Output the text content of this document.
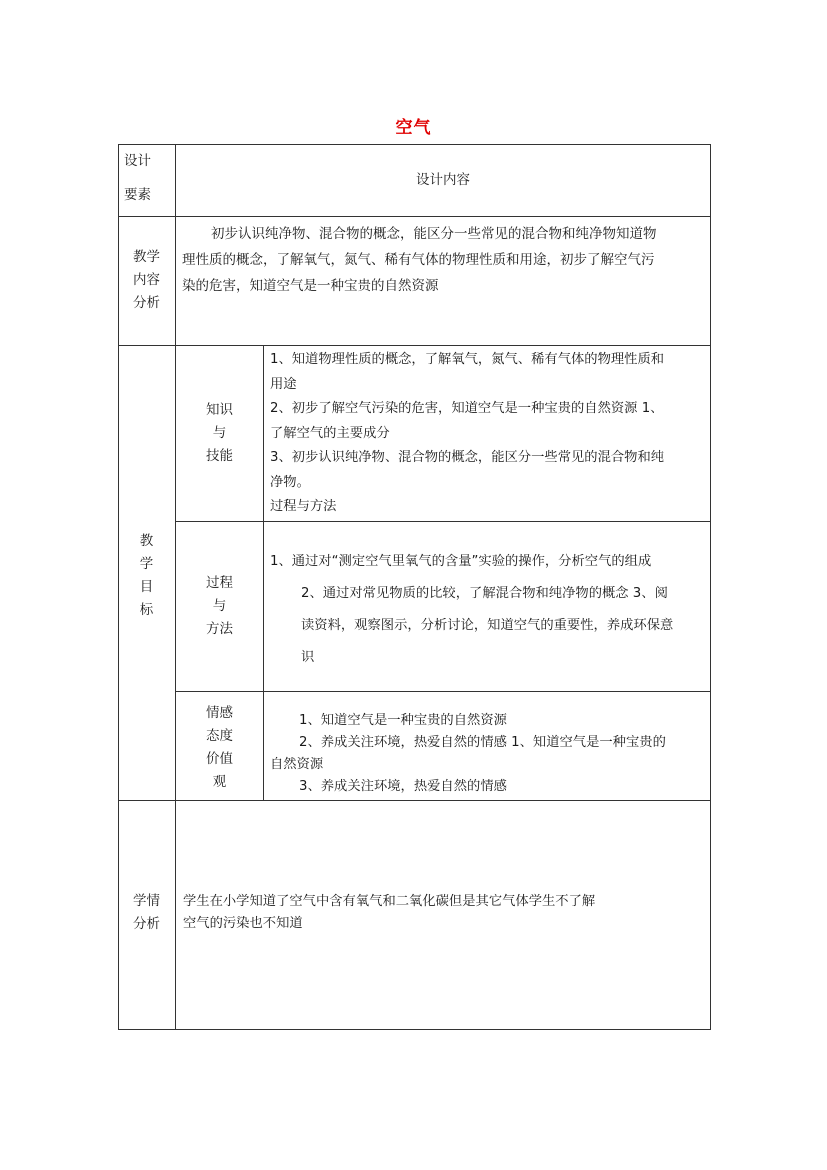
空气

设计

要素

设计内容

教学

内容

分析

初步认识纯净物、混合物的概念，能区分一些常见的混合物和纯净物知道物

理性质的概念，了解氧气，氮气、稀有气体的物理性质和用途，初步了解空气污

染的危害，知道空气是一种宝贵的自然资源

教

学

目

标

知识

与

技能

1、知道物理性质的概念，了解氧气，氮气、稀有气体的物理性质和

用途

2、初步了解空气污染的危害，知道空气是一种宝贵的自然资源 1、

了解空气的主要成分

3、初步认识纯净物、混合物的概念，能区分一些常见的混合物和纯

净物。

过程与方法

过程

与

方法

1、通过对“测定空气里氧气的含量”实验的操作，分析空气的组成

2、通过对常见物质的比较，了解混合物和纯净物的概念 3、阅

读资料，观察图示，分析讨论，知道空气的重要性，养成环保意

识

情感

态度

价值

观

1、知道空气是一种宝贵的自然资源

2、养成关注环境，热爱自然的情感 1、知道空气是一种宝贵的

自然资源

3、养成关注环境，热爱自然的情感

学情

分析

学生在小学知道了空气中含有氧气和二氧化碳但是其它气体学生不了解

空气的污染也不知道
